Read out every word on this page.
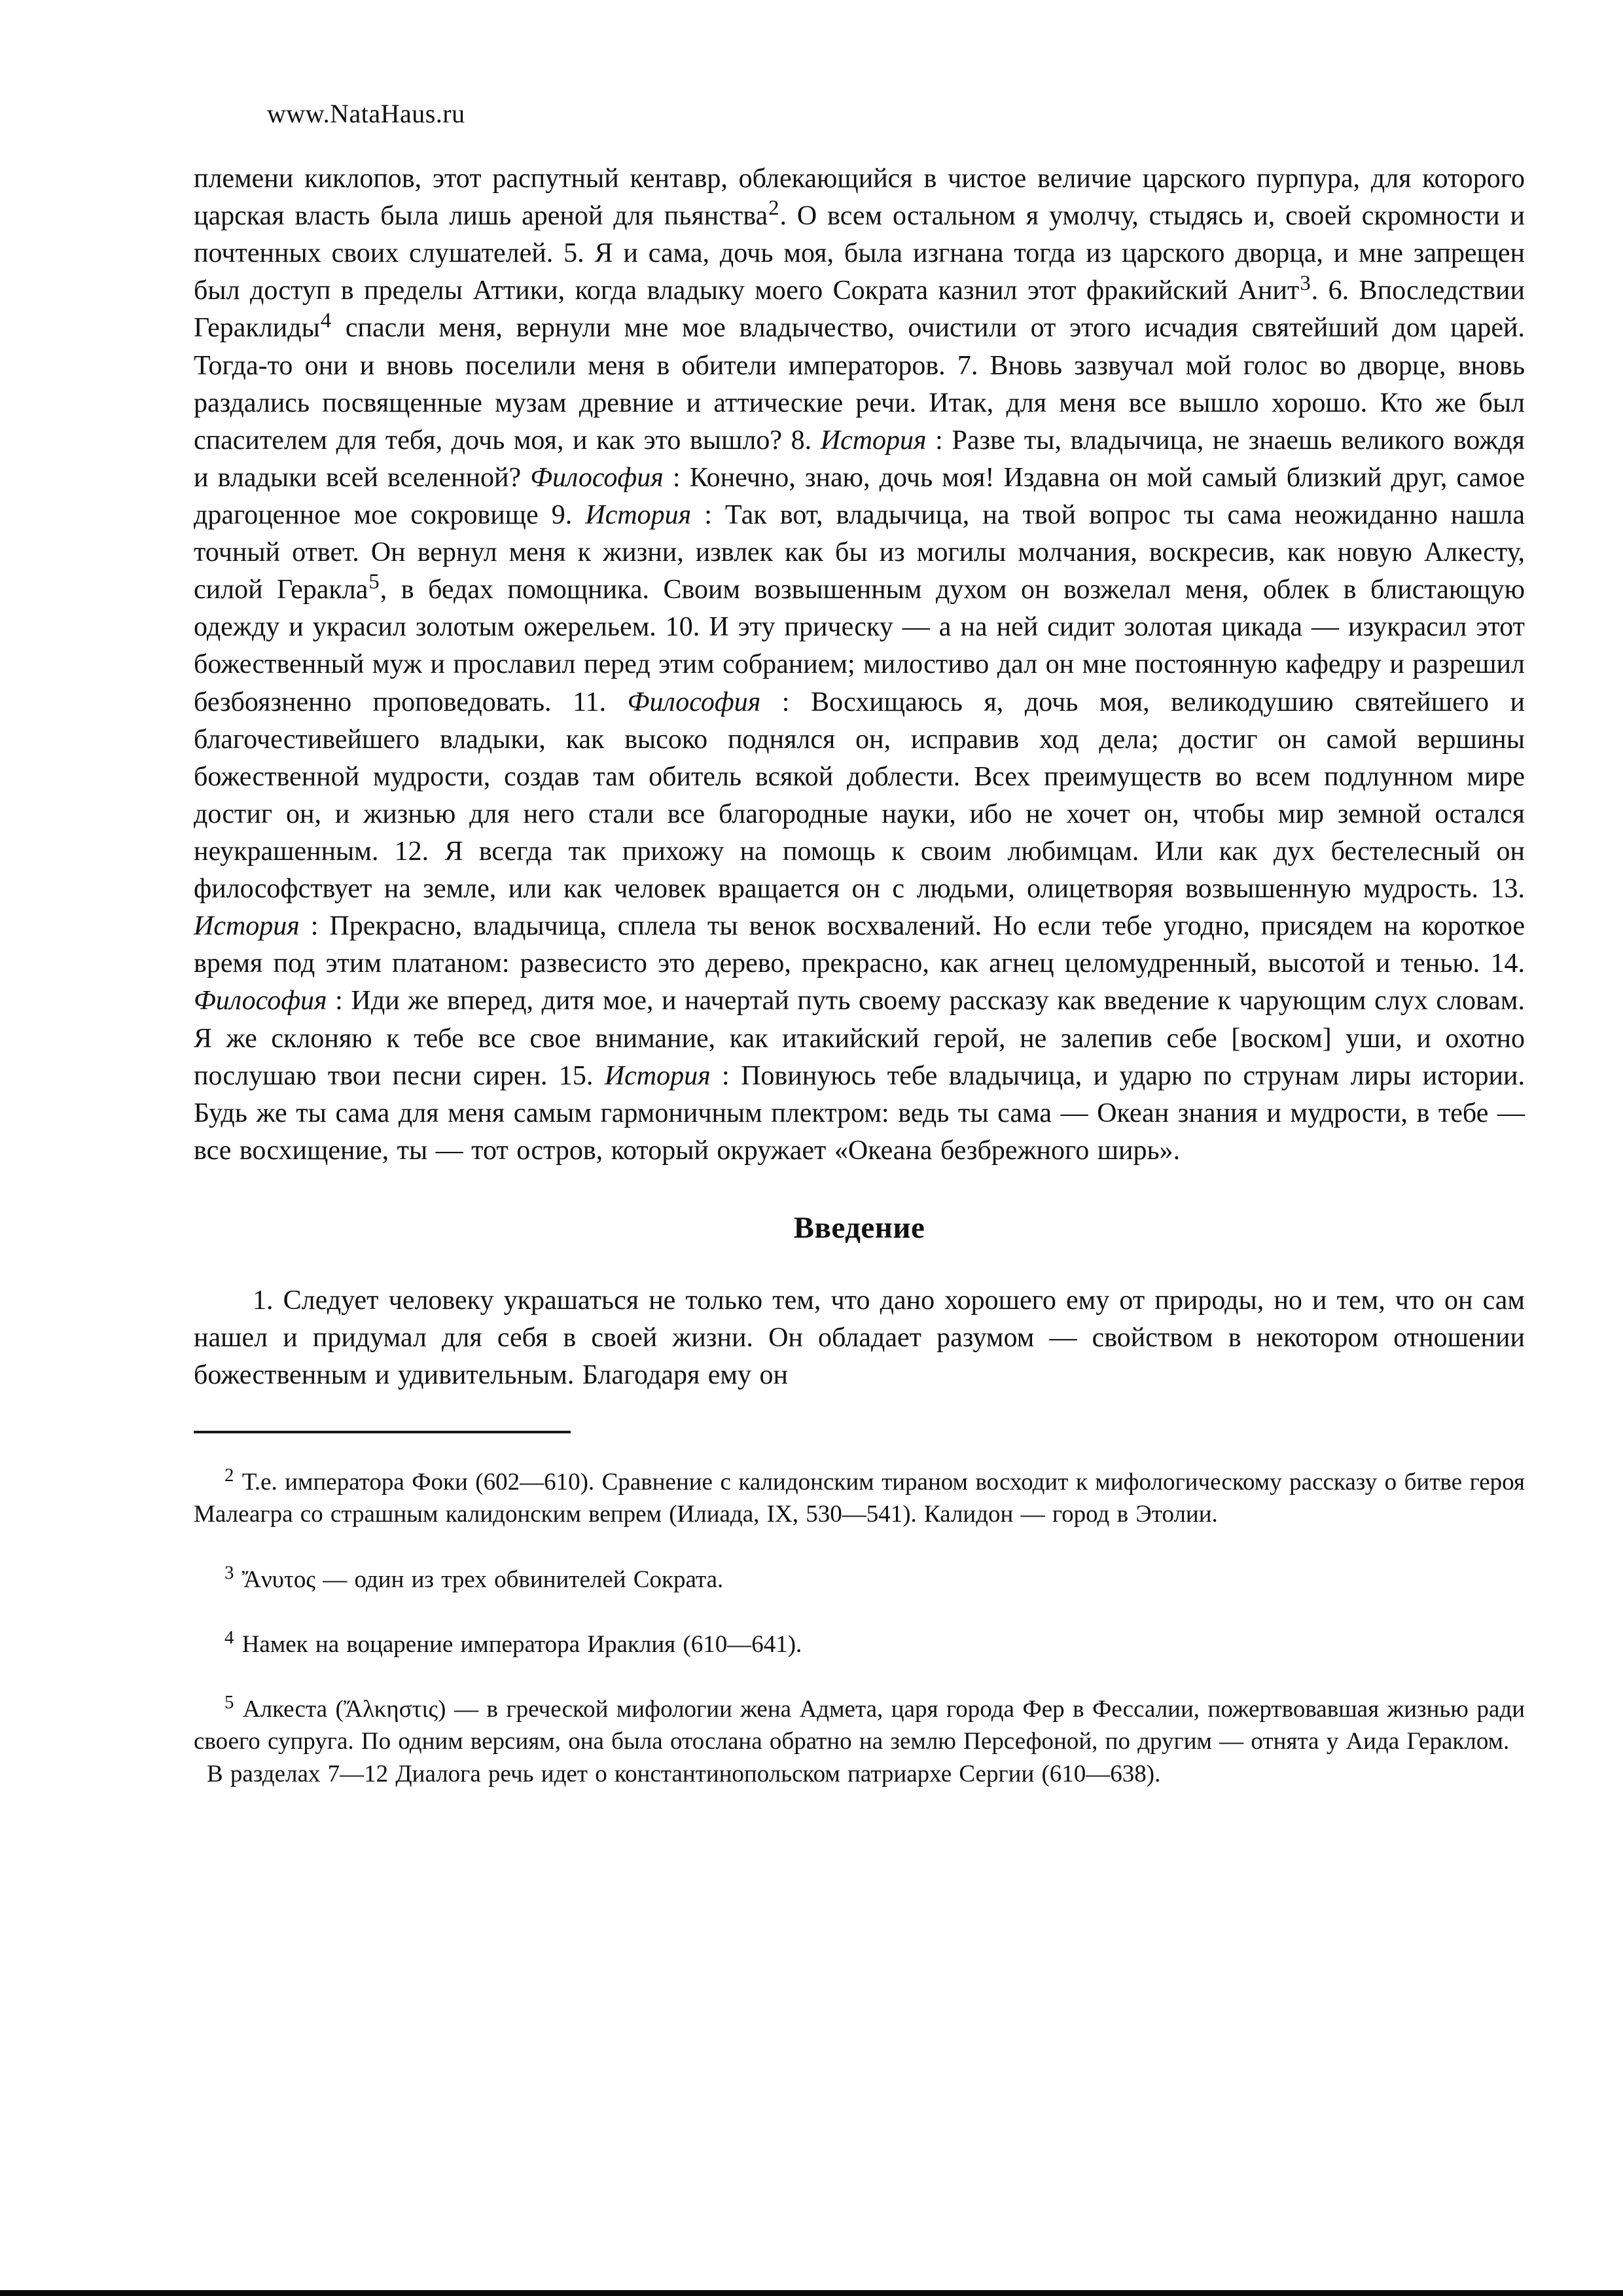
www.NataHaus.ru

племени киклопов, этот распутный кентавр, облекающийся в чистое величие царского пурпура, для которого царская власть была лишь ареной для пьянства$^2$. О всем остальном я умолчу, стыдясь и, своей скромности и почтенных своих слушателей. 5. Я и сама, дочь моя, была изгнана тогда из царского дворца, и мне запрещен был доступ в пределы Аттики, когда владыку моего Сократа казнил этот фракийский Анит$^3$. 6. Впоследствии Гераклиды$^4$ спасли меня, вернули мне мое владычество, очистили от этого исчадия святейший дом царей. Тогда-то они и вновь поселили меня в обители императоров. 7. Вновь зазвучал мой голос во дворце, вновь раздались посвященные музам древние и аттические речи. Итак, для меня все вышло хорошо. Кто же был спасителем для тебя, дочь моя, и как это вышло? 8. История : Разве ты, владычица, не знаешь великого вождя и владыки всей вселенной? Философия : Конечно, знаю, дочь моя! Издавна он мой самый близкий друг, самое драгоценное мое сокровище 9. История : Так вот, владычица, на твой вопрос ты сама неожиданно нашла точный ответ. Он вернул меня к жизни, извлек как бы из могилы молчания, воскресив, как новую Алкесту, силой Геракла$^5$, в бедах помощника. Своим возвышенным духом он возжелал меня, облек в блистающую одежду и украсил золотым ожерельем. 10. И эту прическу — а на ней сидит золотая цикада — изукрасил этот божественный муж и прославил перед этим собранием; милостиво дал он мне постоянную кафедру и разрешил безбоязненно проповедовать. 11. Философия : Восхищаюсь я, дочь моя, великодушию святейшего и благочестивейшего владыки, как высоко поднялся он, исправив ход дела; достиг он самой вершины божественной мудрости, создав там обитель всякой доблести. Всех преимуществ во всем подлунном мире достиг он, и жизнью для него стали все благородные науки, ибо не хочет он, чтобы мир земной остался неукрашенным. 12. Я всегда так прихожу на помощь к своим любимцам. Или как дух бестелесный он философствует на земле, или как человек вращается он с людьми, олицетворяя возвышенную мудрость. 13. История : Прекрасно, владычица, сплела ты венок восхвалений. Но если тебе угодно, присядем на короткое время под этим платаном: развесисто это дерево, прекрасно, как агнец целомудренный, высотой и тенью. 14. Философия : Иди же вперед, дитя мое, и начертай путь своему рассказу как введение к чарующим слух словам. Я же склоняю к тебе все свое внимание, как итакийский герой, не залепив себе [воском] уши, и охотно послушаю твои песни сирен. 15. История : Повинуюсь тебе владычица, и ударю по струнам лиры истории. Будь же ты сама для меня самым гармоничным плектром: ведь ты сама — Океан знания и мудрости, в тебе — все восхищение, ты — тот остров, который окружает «Океана безбрежного ширь».

Введение

1. Следует человеку украшаться не только тем, что дано хорошего ему от природы, но и тем, что он сам нашел и придумал для себя в своей жизни. Он обладает разумом — свойством в некотором отношении божественным и удивительным. Благодаря ему он

$^2$ Т.е. императора Фоки (602—610). Сравнение с калидонским тираном восходит к мифологическому рассказу о битве героя Малеагра со страшным калидонским вепрем (Илиада, IX, 530—541). Калидон — город в Этолии.

$^3$ Ἄνυτος — один из трех обвинителей Сократа.

$^4$ Намек на воцарение императора Ираклия (610—641).

$^5$ Алкеста (Ἄλκηστις) — в греческой мифологии жена Адмета, царя города Фер в Фессалии, пожертвовавшая жизнью ради своего супруга. По одним версиям, она была отослана обратно на землю Персефоной, по другим — отнята у Аида Гераклом.

В разделах 7—12 Диалога речь идет о константинопольском патриархе Сергии (610—638).
